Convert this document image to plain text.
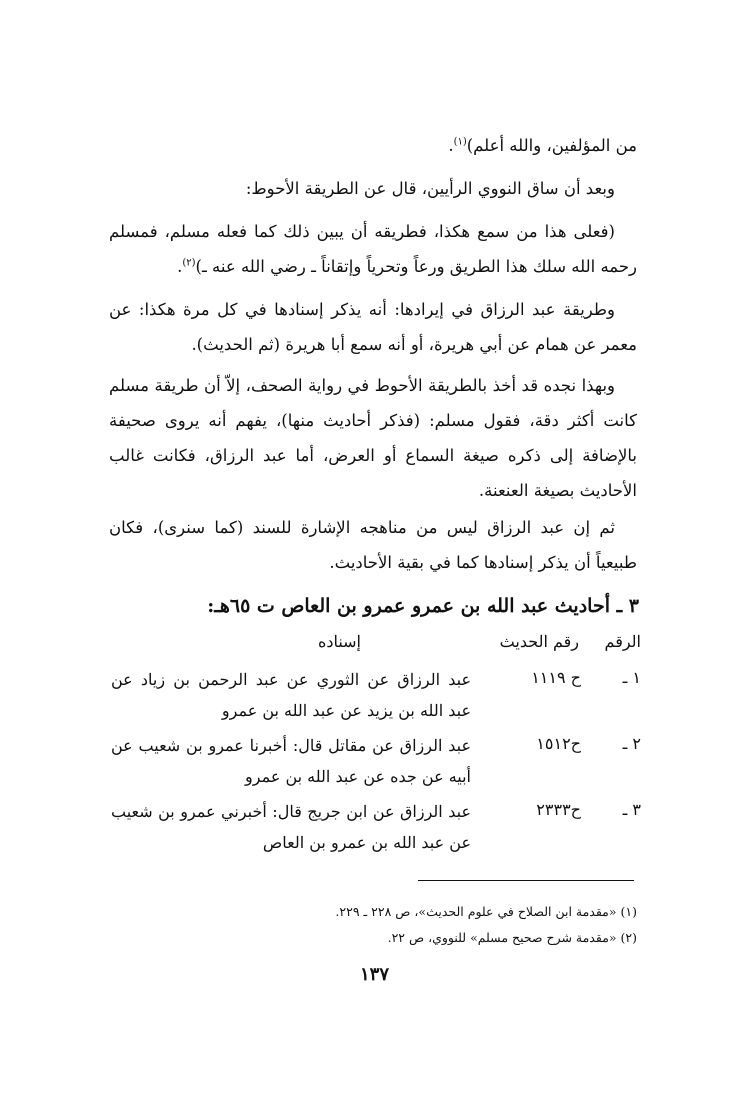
من المؤلفين، والله أعلم)$^{(١)}$.

وبعد أن ساق النووي الرأيين، قال عن الطريقة الأحوط:

(فعلى هذا من سمع هكذا، فطريقه أن يبين ذلك كما فعله مسلم، فمسلم رحمه الله سلك هذا الطريق ورعاً وتحرياً وإتقاناً ـ رضي الله عنه ـ)$^{(٢)}$.

وطريقة عبد الرزاق في إيرادها: أنه يذكر إسنادها في كل مرة هكذا: عن معمر عن همام عن أبي هريرة، أو أنه سمع أبا هريرة (ثم الحديث).

وبهذا نجده قد أخذ بالطريقة الأحوط في رواية الصحف، إلاّ أن طريقة مسلم كانت أكثر دقة، فقول مسلم: (فذكر أحاديث منها)، يفهم أنه يروى صحيفة بالإضافة إلى ذكره صيغة السماع أو العرض، أما عبد الرزاق، فكانت غالب الأحاديث بصيغة العنعنة.

ثم إن عبد الرزاق ليس من مناهجه الإشارة للسند (كما سنرى)، فكان طبيعياً أن يذكر إسنادها كما في بقية الأحاديث.

٣ ـ أحاديث عبد الله بن عمرو عمرو بن العاص ت ٦٥هـ:
الرقم
رقم الحديث
إسناده
١ ـ
ح ١١١٩
عبد الرزاق عن الثوري عن عبد الرحمن بن زياد عن عبد الله بن يزيد عن عبد الله بن عمرو
٢ ـ
ح١٥١٢
عبد الرزاق عن مقاتل قال: أخبرنا عمرو بن شعيب عن أبيه عن جده عن عبد الله بن عمرو
٣ ـ
ح٢٣٣٣
عبد الرزاق عن ابن جريج قال: أخبرني عمرو بن شعيب عن عبد الله بن عمرو بن العاص

(١) «مقدمة ابن الصلاح في علوم الحديث»، ص ٢٢٨ ـ ٢٢٩.

(٢) «مقدمة شرح صحيح مسلم» للنووي، ص ٢٢.

١٣٧
